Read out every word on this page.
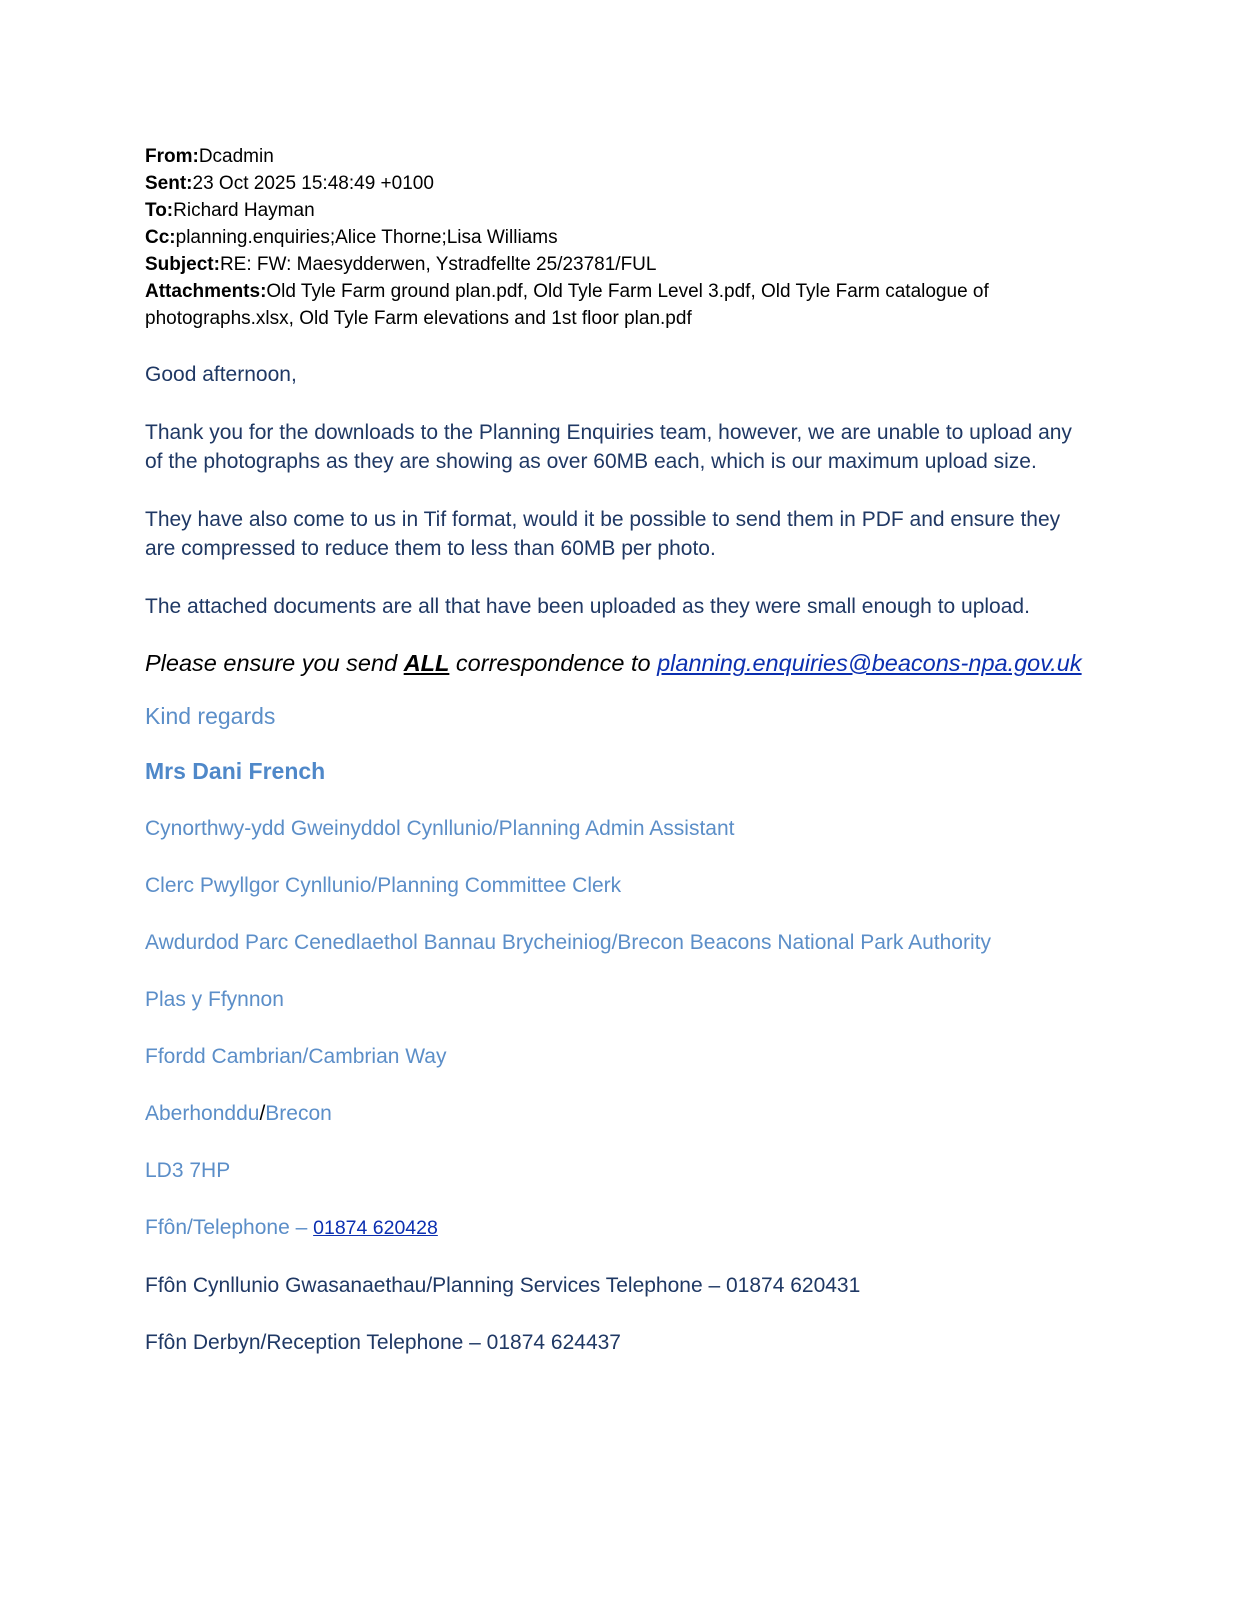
From:Dcadmin
Sent:23 Oct 2025 15:48:49 +0100
To:Richard Hayman
Cc:planning.enquiries;Alice Thorne;Lisa Williams
Subject:RE: FW: Maesydderwen, Ystradfellte 25/23781/FUL
Attachments:Old Tyle Farm ground plan.pdf, Old Tyle Farm Level 3.pdf, Old Tyle Farm catalogue of
photographs.xlsx, Old Tyle Farm elevations and 1st floor plan.pdf

Good afternoon,

Thank you for the downloads to the Planning Enquiries team, however, we are unable to upload any of the photographs as they are showing as over 60MB each, which is our maximum upload size.

They have also come to us in Tif format, would it be possible to send them in PDF and ensure they are compressed to reduce them to less than 60MB per photo.

The attached documents are all that have been uploaded as they were small enough to upload.

Please ensure you send ALL correspondence to planning.enquiries@beacons-npa.gov.uk

Kind regards

Mrs Dani French

Cynorthwy-ydd Gweinyddol Cynllunio/Planning Admin Assistant

Clerc Pwyllgor Cynllunio/Planning Committee Clerk

Awdurdod Parc Cenedlaethol Bannau Brycheiniog/Brecon Beacons National Park Authority

Plas y Ffynnon

Ffordd Cambrian/Cambrian Way

Aberhonddu/Brecon

LD3 7HP

Ffôn/Telephone – 01874 620428

Ffôn Cynllunio Gwasanaethau/Planning Services Telephone – 01874 620431

Ffôn Derbyn/Reception Telephone – 01874 624437
